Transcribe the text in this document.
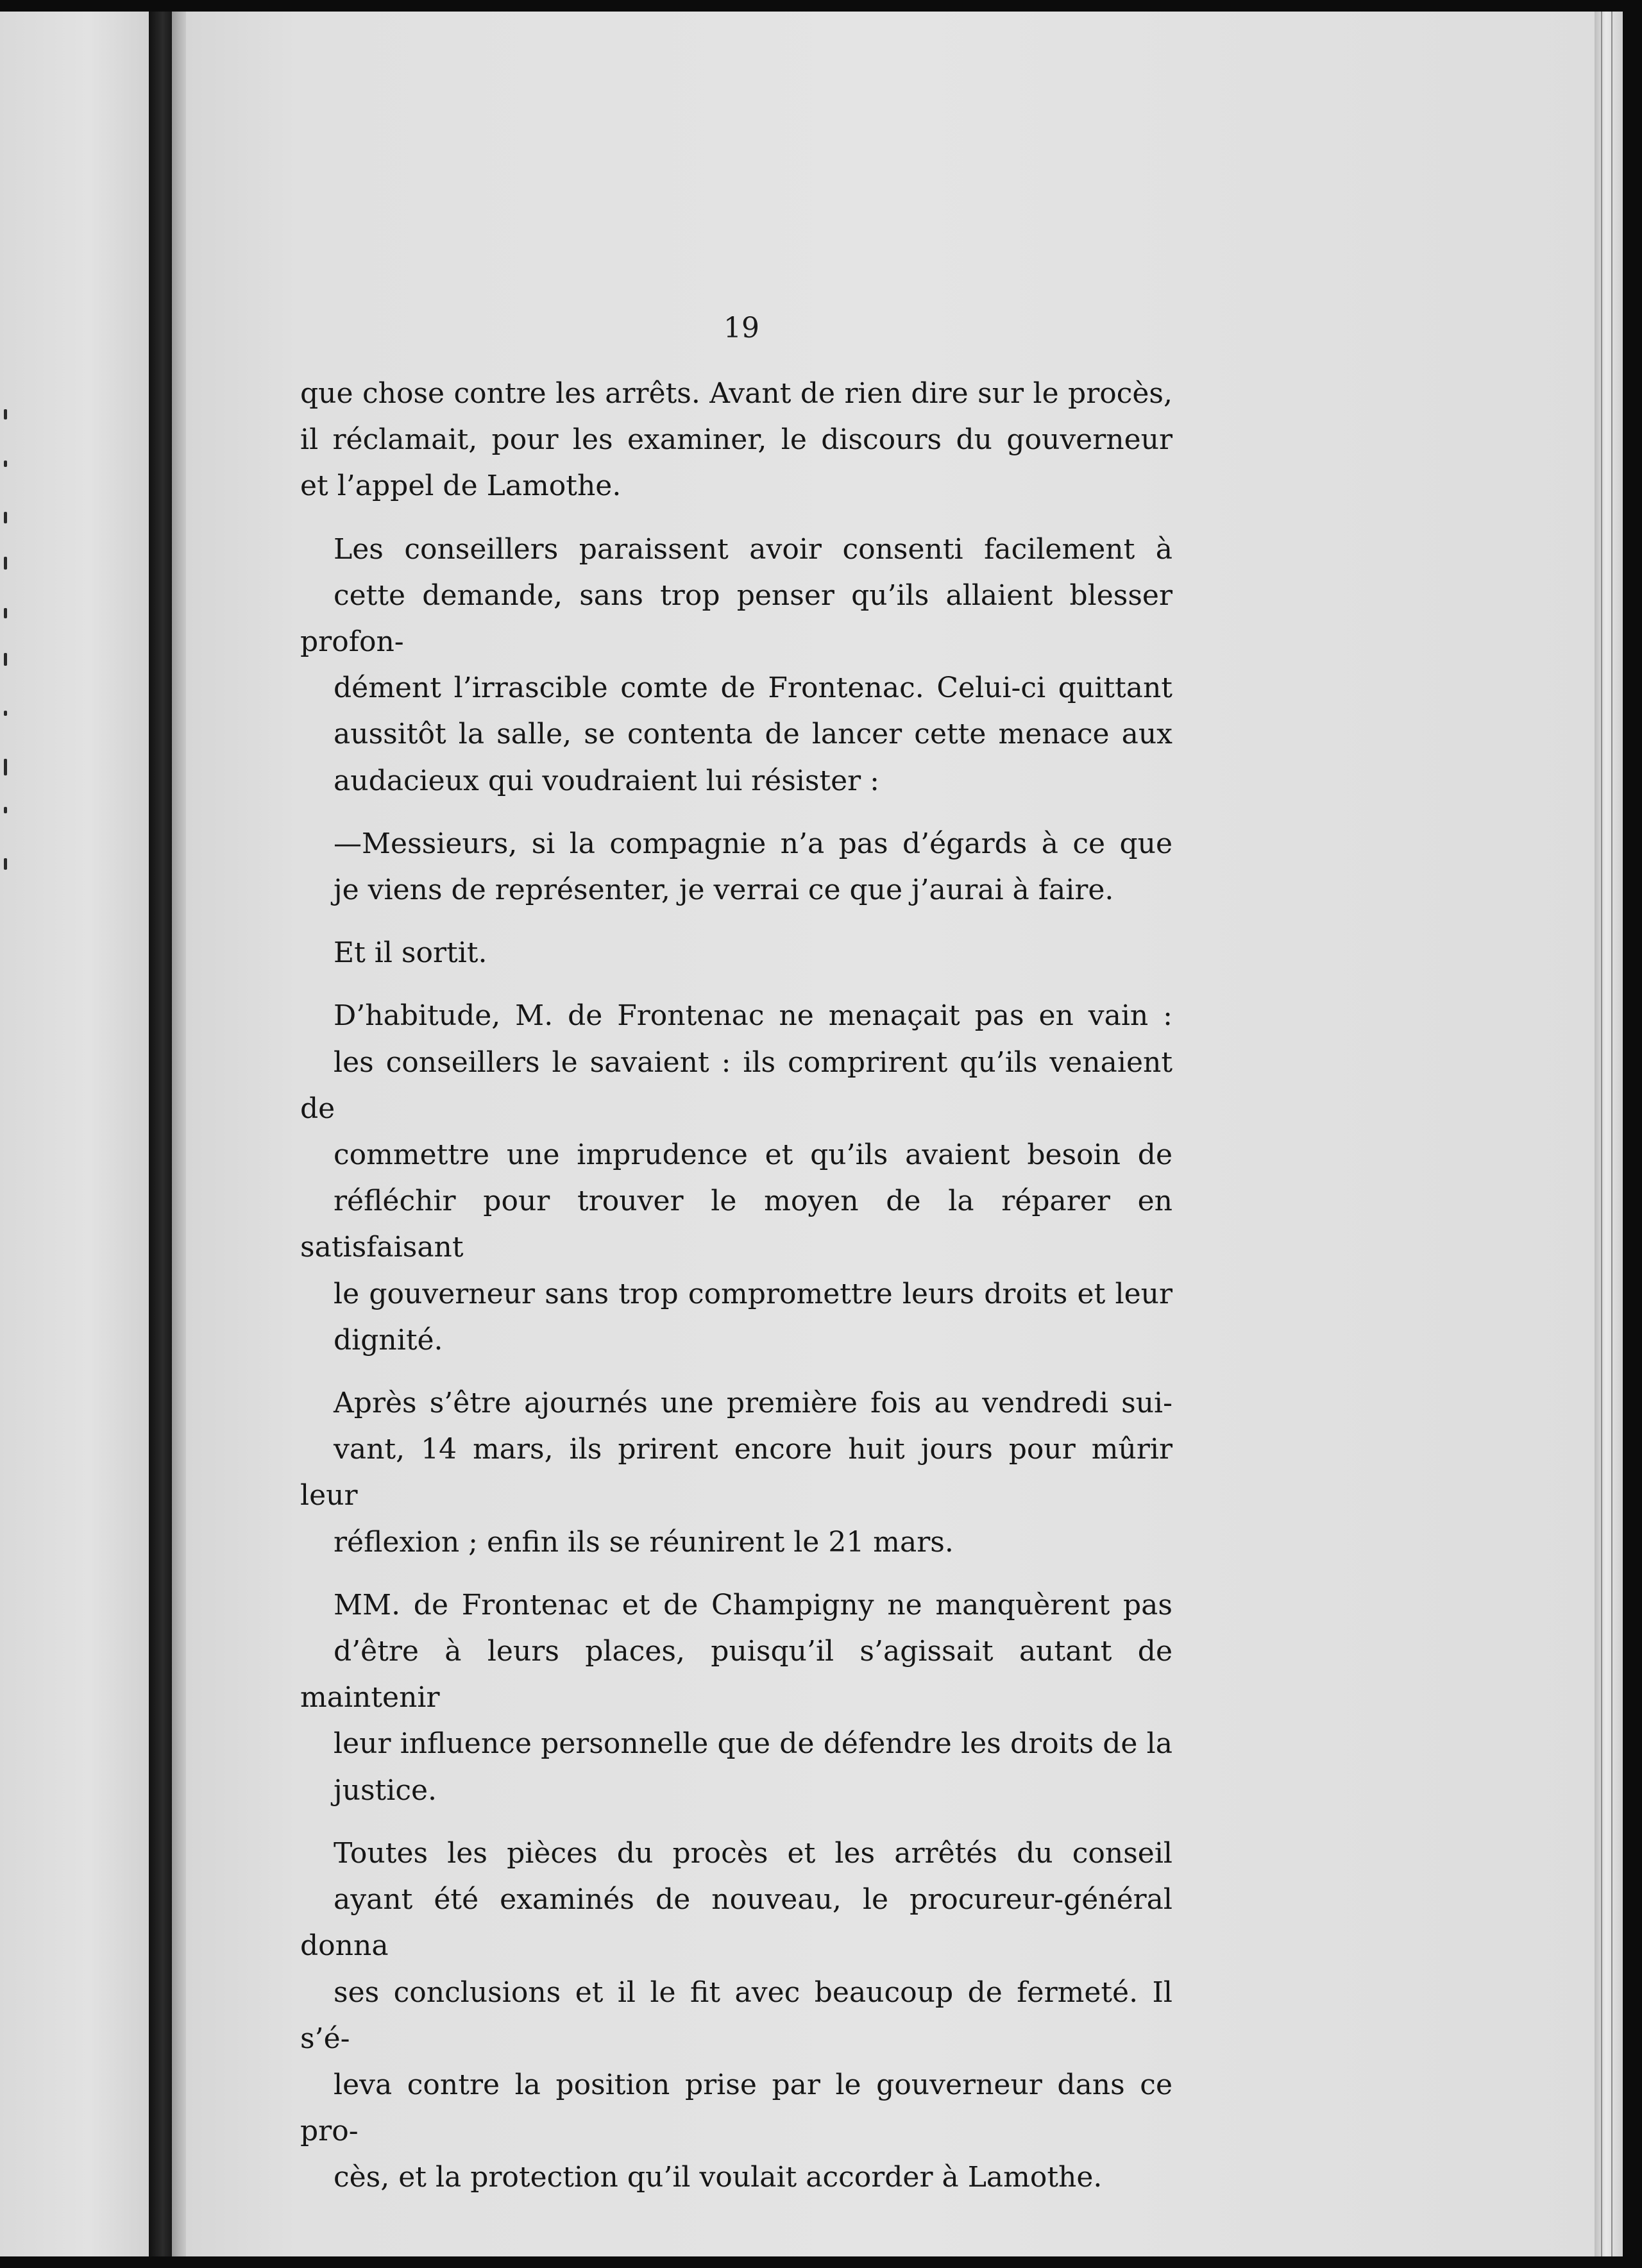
19

que chose contre les arrêts. Avant de rien dire sur le procès,
il réclamait, pour les examiner, le discours du gouverneur
et l’appel de Lamothe.

Les conseillers paraissent avoir consenti facilement à
cette demande, sans trop penser qu’ils allaient blesser profon-
dément l’irrascible comte de Frontenac. Celui-ci quittant
aussitôt la salle, se contenta de lancer cette menace aux
audacieux qui voudraient lui résister :

—Messieurs, si la compagnie n’a pas d’égards à ce que
je viens de représenter, je verrai ce que j’aurai à faire.

Et il sortit.

D’habitude, M. de Frontenac ne menaçait pas en vain :
les conseillers le savaient : ils comprirent qu’ils venaient de
commettre une imprudence et qu’ils avaient besoin de
réfléchir pour trouver le moyen de la réparer en satisfaisant
le gouverneur sans trop compromettre leurs droits et leur
dignité.

Après s’être ajournés une première fois au vendredi sui-
vant, 14 mars, ils prirent encore huit jours pour mûrir leur
réflexion ; enfin ils se réunirent le 21 mars.

MM. de Frontenac et de Champigny ne manquèrent pas
d’être à leurs places, puisqu’il s’agissait autant de maintenir
leur influence personnelle que de défendre les droits de la
justice.

Toutes les pièces du procès et les arrêtés du conseil
ayant été examinés de nouveau, le procureur-général donna
ses conclusions et il le fit avec beaucoup de fermeté. Il s’é-
leva contre la position prise par le gouverneur dans ce pro-
cès, et la protection qu’il voulait accorder à Lamothe.
